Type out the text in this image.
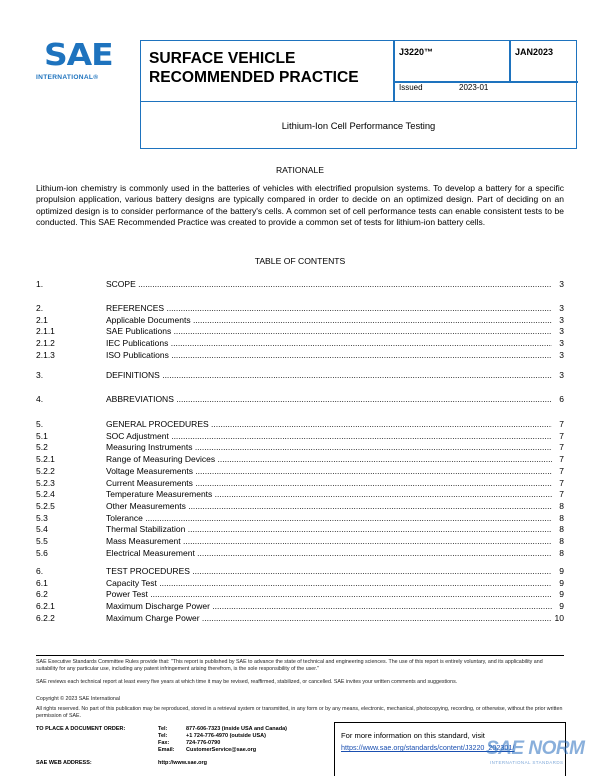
SAE
INTERNATIONAL®
SURFACE VEHICLE RECOMMENDED PRACTICE
J3220™	JAN2023
Issued	2023-01
Lithium-Ion Cell Performance Testing
RATIONALE
Lithium-ion chemistry is commonly used in the batteries of vehicles with electrified propulsion systems. To develop a battery for a specific propulsion application, various battery designs are typically compared in order to decide on an optimized design. Part of deciding on an optimized design is to consider performance of the battery's cells. A common set of cell performance tests can enable consistent tests to be conducted. This SAE Recommended Practice was created to provide a common set of tests for lithium-ion battery cells.
TABLE OF CONTENTS
1.	SCOPE .....	3
2.	REFERENCES .....	3
2.1	Applicable Documents .....	3
2.1.1	SAE Publications .....	3
2.1.2	IEC Publications .....	3
2.1.3	ISO Publications .....	3
3.	DEFINITIONS .....	3
4.	ABBREVIATIONS .....	6
5.	GENERAL PROCEDURES .....	7
5.1	SOC Adjustment .....	7
5.2	Measuring Instruments .....	7
5.2.1	Range of Measuring Devices .....	7
5.2.2	Voltage Measurements .....	7
5.2.3	Current Measurements .....	7
5.2.4	Temperature Measurements .....	7
5.2.5	Other Measurements .....	8
5.3	Tolerance .....	8
5.4	Thermal Stabilization .....	8
5.5	Mass Measurement .....	8
5.6	Electrical Measurement .....	8
6.	TEST PROCEDURES .....	9
6.1	Capacity Test .....	9
6.2	Power Test .....	9
6.2.1	Maximum Discharge Power .....	9
6.2.2	Maximum Charge Power .....	10
SAE Executive Standards Committee Rules provide that: "This report is published by SAE to advance the state of technical and engineering sciences. The use of this report is entirely voluntary, and its applicability and suitability for any particular use, including any patent infringement arising therefrom, is the sole responsibility of the user."
SAE reviews each technical report at least every five years at which time it may be revised, reaffirmed, stabilized, or cancelled. SAE invites your written comments and suggestions.
Copyright © 2023 SAE International
All rights reserved. No part of this publication may be reproduced, stored in a retrieval system or transmitted, in any form or by any means, electronic, mechanical, photocopying, recording, or otherwise, without the prior written permission of SAE.
TO PLACE A DOCUMENT ORDER:	Tel:	877-606-7323 (inside USA and Canada)
Tel:	+1 724-776-4970 (outside USA)
Fax:	724-776-0790
Email: CustomerService@sae.org
SAE WEB ADDRESS:	http://www.sae.org
For more information on this standard, visit
https://www.sae.org/standards/content/J3220_202301/
SAE NORM
INTERNATIONAL STANDARDS
